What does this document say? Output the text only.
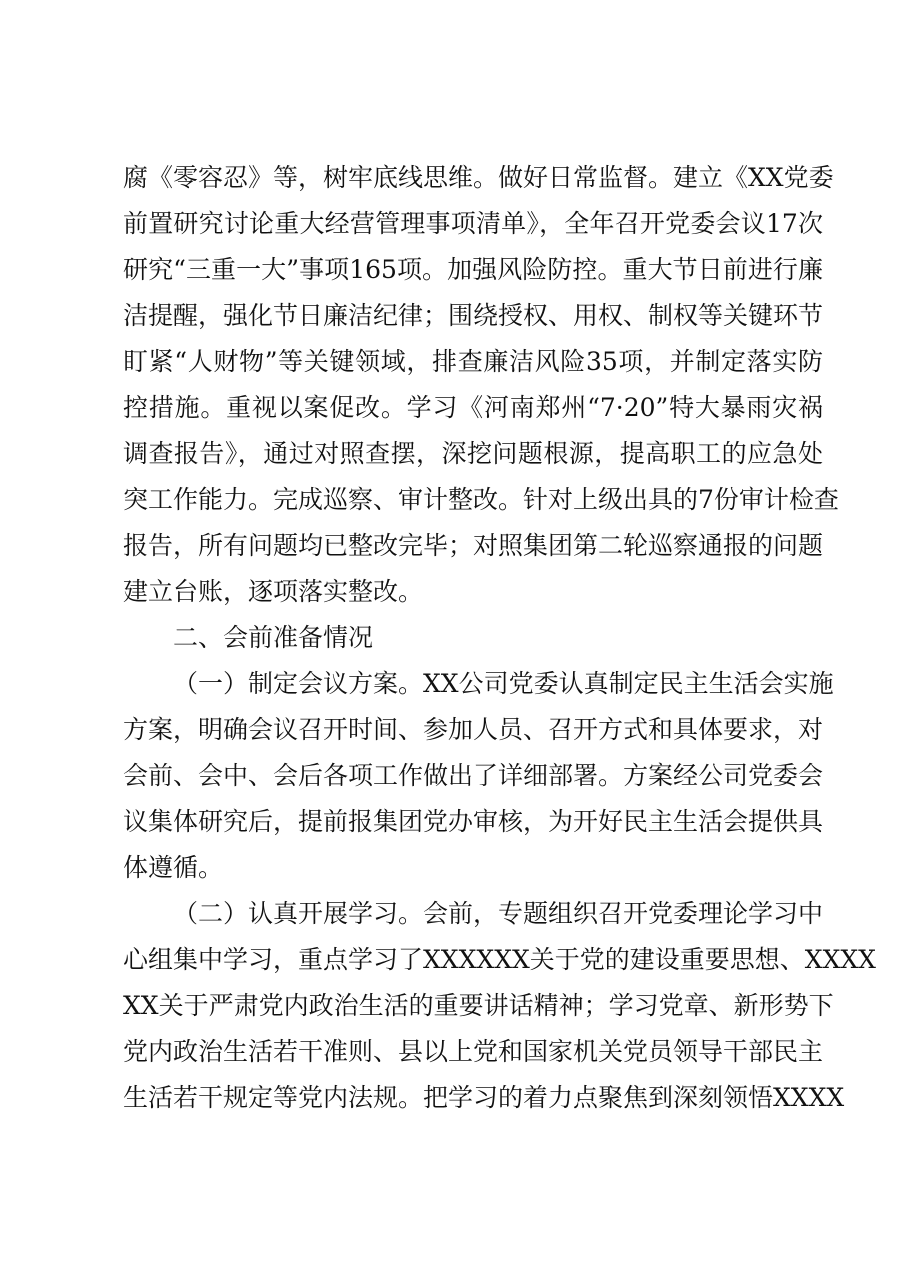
腐《零容忍》等，树牢底线思维。做好日常监督。建立《XX党委
前置研究讨论重大经营管理事项清单》，全年召开党委会议17次
研究“三重一大”事项165项。加强风险防控。重大节日前进行廉
洁提醒，强化节日廉洁纪律；围绕授权、用权、制权等关键环节
盯紧“人财物”等关键领域，排查廉洁风险35项，并制定落实防
控措施。重视以案促改。学习《河南郑州“7·20”特大暴雨灾祸
调查报告》，通过对照查摆，深挖问题根源，提高职工的应急处
突工作能力。完成巡察、审计整改。针对上级出具的7份审计检查
报告，所有问题均已整改完毕；对照集团第二轮巡察通报的问题
建立台账，逐项落实整改。
二、会前准备情况
（一）制定会议方案。XX公司党委认真制定民主生活会实施
方案，明确会议召开时间、参加人员、召开方式和具体要求，对
会前、会中、会后各项工作做出了详细部署。方案经公司党委会
议集体研究后，提前报集团党办审核，为开好民主生活会提供具
体遵循。
（二）认真开展学习。会前，专题组织召开党委理论学习中
心组集中学习，重点学习了XXXXXX关于党的建设重要思想、XXXX
XX关于严肃党内政治生活的重要讲话精神；学习党章、新形势下
党内政治生活若干准则、县以上党和国家机关党员领导干部民主
生活若干规定等党内法规。把学习的着力点聚焦到深刻领悟XXXX
